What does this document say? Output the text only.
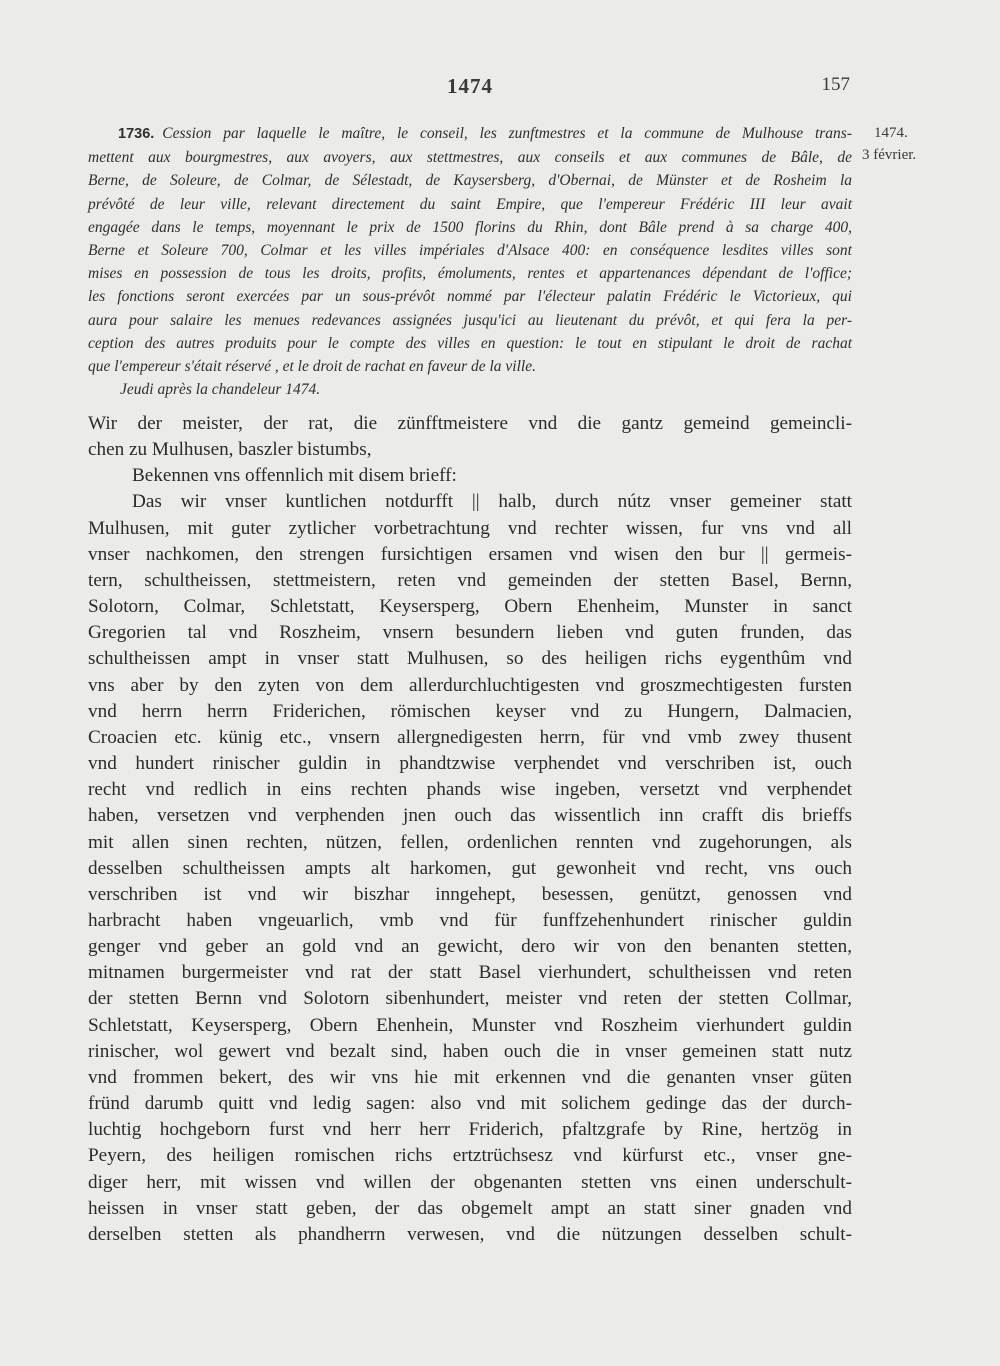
1474	157
1474.
3 février.
1736. Cession par laquelle le maître, le conseil, les zunftmestres et la commune de Mulhouse trans-
mettent aux bourgmestres, aux avoyers, aux stettmestres, aux conseils et aux communes de Bâle, de
Berne, de Soleure, de Colmar, de Sélestadt, de Kaysersberg, d'Obernai, de Münster et de Rosheim la
prévôté de leur ville, relevant directement du saint Empire, que l'empereur Frédéric III leur avait
engagée dans le temps, moyennant le prix de 1500 florins du Rhin, dont Bâle prend à sa charge 400,
Berne et Soleure 700, Colmar et les villes impériales d'Alsace 400: en conséquence lesdites villes sont
mises en possession de tous les droits, profits, émoluments, rentes et appartenances dépendant de l'office;
les fonctions seront exercées par un sous-prévôt nommé par l'électeur palatin Frédéric le Victorieux, qui
aura pour salaire les menues redevances assignées jusqu'ici au lieutenant du prévôt, et qui fera la per-
ception des autres produits pour le compte des villes en question: le tout en stipulant le droit de rachat
que l'empereur s'était réservé , et le droit de rachat en faveur de la ville.
Jeudi après la chandeleur 1474.
Wir der meister, der rat, die zünfftmeistere vnd die gantz gemeind gemeincli-
chen zu Mulhusen, baszler bistumbs,
Bekennen vns offennlich mit disem brieff:
Das wir vnser kuntlichen notdurfft || halb, durch nútz vnser gemeiner statt
Mulhusen, mit guter zytlicher vorbetrachtung vnd rechter wissen, fur vns vnd all
vnser nachkomen, den strengen fursichtigen ersamen vnd wisen den bur || germeis-
tern, schultheissen, stettmeistern, reten vnd gemeinden der stetten Basel, Bernn,
Solotorn, Colmar, Schletstatt, Keysersperg, Obern Ehenheim, Munster in sanct
Gregorien tal vnd Roszheim, vnsern besundern lieben vnd guten frunden, das
schultheissen ampt in vnser statt Mulhusen, so des heiligen richs eygenthûm vnd
vns aber by den zyten von dem allerdurchluchtigesten vnd groszmechtigesten fursten
vnd herrn herrn Friderichen, römischen keyser vnd zu Hungern, Dalmacien,
Croacien etc. künig etc., vnsern allergnedigesten herrn, für vnd vmb zwey thusent
vnd hundert rinischer guldin in phandtzwise verphendet vnd verschriben ist, ouch
recht vnd redlich in eins rechten phands wise ingeben, versetzt vnd verphendet
haben, versetzen vnd verphenden jnen ouch das wissentlich inn crafft dis brieffs
mit allen sinen rechten, nützen, fellen, ordenlichen rennten vnd zugehorungen, als
desselben schultheissen ampts alt harkomen, gut gewonheit vnd recht, vns ouch
verschriben ist vnd wir biszhar inngehept, besessen, genützt, genossen vnd
harbracht haben vngeuarlich, vmb vnd für funffzehenhundert rinischer guldin
genger vnd geber an gold vnd an gewicht, dero wir von den benanten stetten,
mitnamen burgermeister vnd rat der statt Basel vierhundert, schultheissen vnd reten
der stetten Bernn vnd Solotorn sibenhundert, meister vnd reten der stetten Collmar,
Schletstatt, Keysersperg, Obern Ehenhein, Munster vnd Roszheim vierhundert guldin
rinischer, wol gewert vnd bezalt sind, haben ouch die in vnser gemeinen statt nutz
vnd frommen bekert, des wir vns hie mit erkennen vnd die genanten vnser güten
fründ darumb quitt vnd ledig sagen: also vnd mit solichem gedinge das der durch-
luchtig hochgeborn furst vnd herr herr Friderich, pfaltzgrafe by Rine, hertzög in
Peyern, des heiligen romischen richs ertztrüchsesz vnd kürfurst etc., vnser gne-
diger herr, mit wissen vnd willen der obgenanten stetten vns einen underschult-
heissen in vnser statt geben, der das obgemelt ampt an statt siner gnaden vnd
derselben stetten als phandherrn verwesen, vnd die nützungen desselben schult-
